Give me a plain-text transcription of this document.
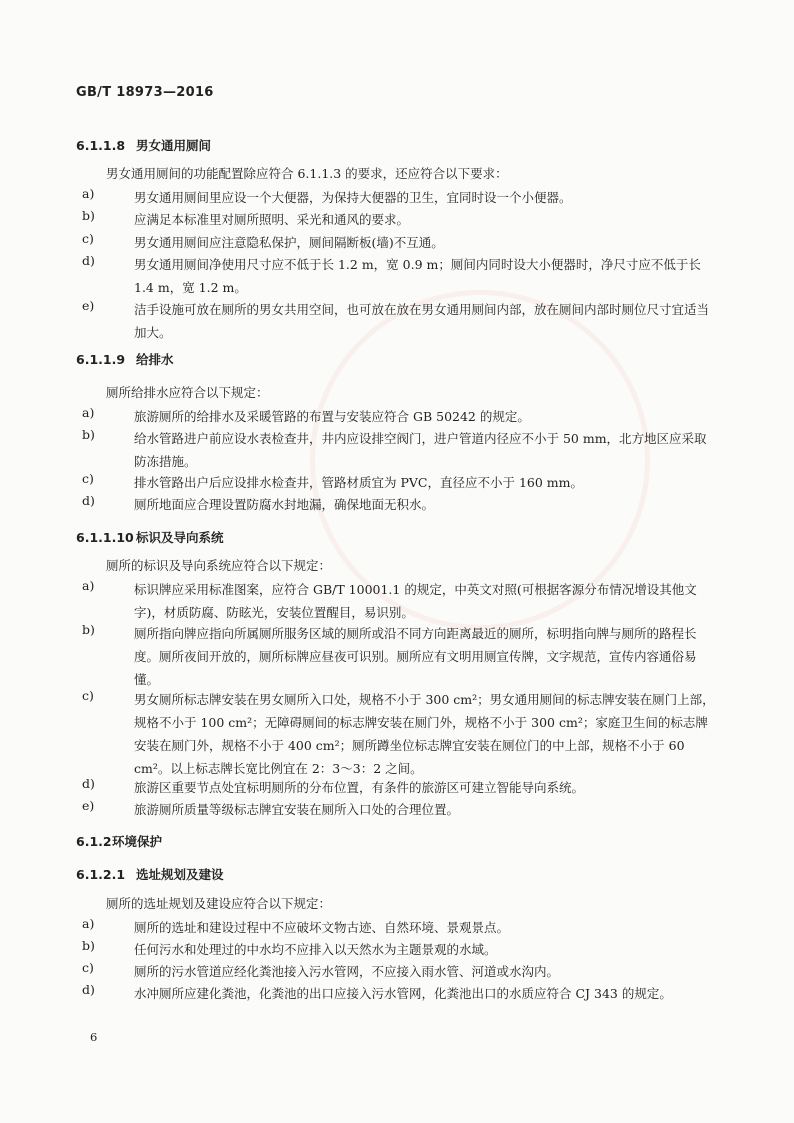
GB/T 18973—2016
6.1.1.8 男女通用厕间
男女通用厕间的功能配置除应符合 6.1.1.3 的要求，还应符合以下要求：
a)	男女通用厕间里应设一个大便器，为保持大便器的卫生，宜同时设一个小便器。
b)	应满足本标准里对厕所照明、采光和通风的要求。
c)	男女通用厕间应注意隐私保护，厕间隔断板(墙)不互通。
d)	男女通用厕间净使用尺寸应不低于长 1.2 m，宽 0.9 m；厕间内同时设大小便器时，净尺寸应不低于长 1.4 m，宽 1.2 m。
e)	洁手设施可放在厕所的男女共用空间，也可放在放在男女通用厕间内部，放在厕间内部时厕位尺寸宜适当加大。
6.1.1.9 给排水
厕所给排水应符合以下规定：
a)	旅游厕所的给排水及采暖管路的布置与安装应符合 GB 50242 的规定。
b)	给水管路进户前应设水表检查井，井内应设排空阀门，进户管道内径应不小于 50 mm，北方地区应采取防冻措施。
c)	排水管路出户后应设排水检查井，管路材质宜为 PVC，直径应不小于 160 mm。
d)	厕所地面应合理设置防腐水封地漏，确保地面无积水。
6.1.1.10 标识及导向系统
厕所的标识及导向系统应符合以下规定：
a)	标识牌应采用标准图案，应符合 GB/T 10001.1 的规定，中英文对照(可根据客源分布情况增设其他文字)，材质防腐、防眩光，安装位置醒目，易识别。
b)	厕所指向牌应指向所属厕所服务区域的厕所或沿不同方向距离最近的厕所，标明指向牌与厕所的路程长度。厕所夜间开放的，厕所标牌应昼夜可识别。厕所应有文明用厕宣传牌，文字规范，宣传内容通俗易懂。
c)	男女厕所标志牌安装在男女厕所入口处，规格不小于 300 cm²；男女通用厕间的标志牌安装在厕门上部，规格不小于 100 cm²；无障碍厕间的标志牌安装在厕门外，规格不小于 300 cm²；家庭卫生间的标志牌安装在厕门外，规格不小于 400 cm²；厕所蹲坐位标志牌宜安装在厕位门的中上部，规格不小于 60 cm²。以上标志牌长宽比例宜在 2：3～3：2 之间。
d)	旅游区重要节点处宜标明厕所的分布位置，有条件的旅游区可建立智能导向系统。
e)	旅游厕所质量等级标志牌宜安装在厕所入口处的合理位置。
6.1.2环境保护
6.1.2.1 选址规划及建设
厕所的选址规划及建设应符合以下规定：
a)	厕所的选址和建设过程中不应破坏文物古迹、自然环境、景观景点。
b)	任何污水和处理过的中水均不应排入以天然水为主题景观的水域。
c)	厕所的污水管道应经化粪池接入污水管网，不应接入雨水管、河道或水沟内。
d)	水冲厕所应建化粪池，化粪池的出口应接入污水管网，化粪池出口的水质应符合 CJ 343 的规定。
6
